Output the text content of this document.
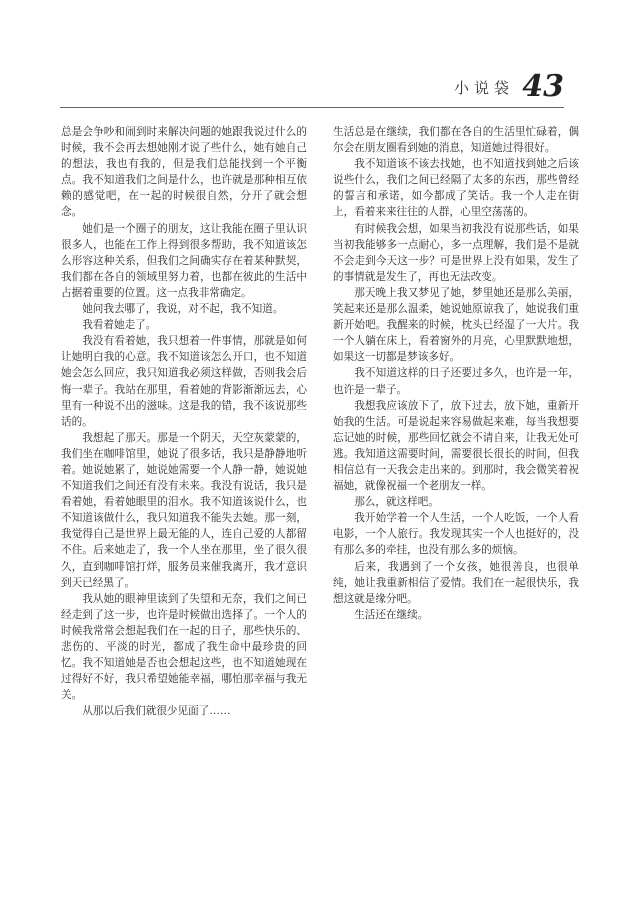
小说袋 43

总是会争吵和闹到时来解决问题的她跟我说过什么的时候，我不会再去想她刚才说了些什么，她有她自己的想法，我也有我的，但是我们总能找到一个平衡点。我不知道我们之间是什么，也许就是那种相互依赖的感觉吧，在一起的时候很自然，分开了就会想念。

她们是一个圈子的朋友，这让我能在圈子里认识很多人，也能在工作上得到很多帮助，我不知道该怎么形容这种关系，但我们之间确实存在着某种默契，我们都在各自的领域里努力着，也都在彼此的生活中占据着重要的位置。这一点我非常确定。

她问我去哪了，我说，对不起，我不知道。

我看着她走了。

我没有看着她，我只想着一件事情，那就是如何让她明白我的心意。我不知道该怎么开口，也不知道她会怎么回应，我只知道我必须这样做，否则我会后悔一辈子。我站在那里，看着她的背影渐渐远去，心里有一种说不出的滋味。这是我的错，我不该说那些话的。

我想起了那天。那是一个阴天，天空灰蒙蒙的，我们坐在咖啡馆里，她说了很多话，我只是静静地听着。她说她累了，她说她需要一个人静一静，她说她不知道我们之间还有没有未来。我没有说话，我只是看着她，看着她眼里的泪水。我不知道该说什么，也不知道该做什么，我只知道我不能失去她。那一刻，我觉得自己是世界上最无能的人，连自己爱的人都留不住。后来她走了，我一个人坐在那里，坐了很久很久，直到咖啡馆打烊，服务员来催我离开，我才意识到天已经黑了。

我从她的眼神里读到了失望和无奈，我们之间已经走到了这一步，也许是时候做出选择了。一个人的时候我常常会想起我们在一起的日子，那些快乐的、悲伤的、平淡的时光，都成了我生命中最珍贵的回忆。我不知道她是否也会想起这些，也不知道她现在过得好不好，我只希望她能幸福，哪怕那幸福与我无关。

从那以后我们就很少见面了……

生活总是在继续，我们都在各自的生活里忙碌着，偶尔会在朋友圈看到她的消息，知道她过得很好。

我不知道该不该去找她，也不知道找到她之后该说些什么，我们之间已经隔了太多的东西，那些曾经的誓言和承诺，如今都成了笑话。我一个人走在街上，看着来来往往的人群，心里空荡荡的。

有时候我会想，如果当初我没有说那些话，如果当初我能够多一点耐心，多一点理解，我们是不是就不会走到今天这一步？可是世界上没有如果，发生了的事情就是发生了，再也无法改变。

那天晚上我又梦见了她，梦里她还是那么美丽，笑起来还是那么温柔，她说她原谅我了，她说我们重新开始吧。我醒来的时候，枕头已经湿了一大片。我一个人躺在床上，看着窗外的月亮，心里默默地想，如果这一切都是梦该多好。

我不知道这样的日子还要过多久，也许是一年，也许是一辈子。

我想我应该放下了，放下过去，放下她，重新开始我的生活。可是说起来容易做起来难，每当我想要忘记她的时候，那些回忆就会不请自来，让我无处可逃。我知道这需要时间，需要很长很长的时间，但我相信总有一天我会走出来的。到那时，我会微笑着祝福她，就像祝福一个老朋友一样。

那么，就这样吧。

我开始学着一个人生活，一个人吃饭，一个人看电影，一个人旅行。我发现其实一个人也挺好的，没有那么多的牵挂，也没有那么多的烦恼。

后来，我遇到了一个女孩，她很善良，也很单纯，她让我重新相信了爱情。我们在一起很快乐，我想这就是缘分吧。

生活还在继续。
